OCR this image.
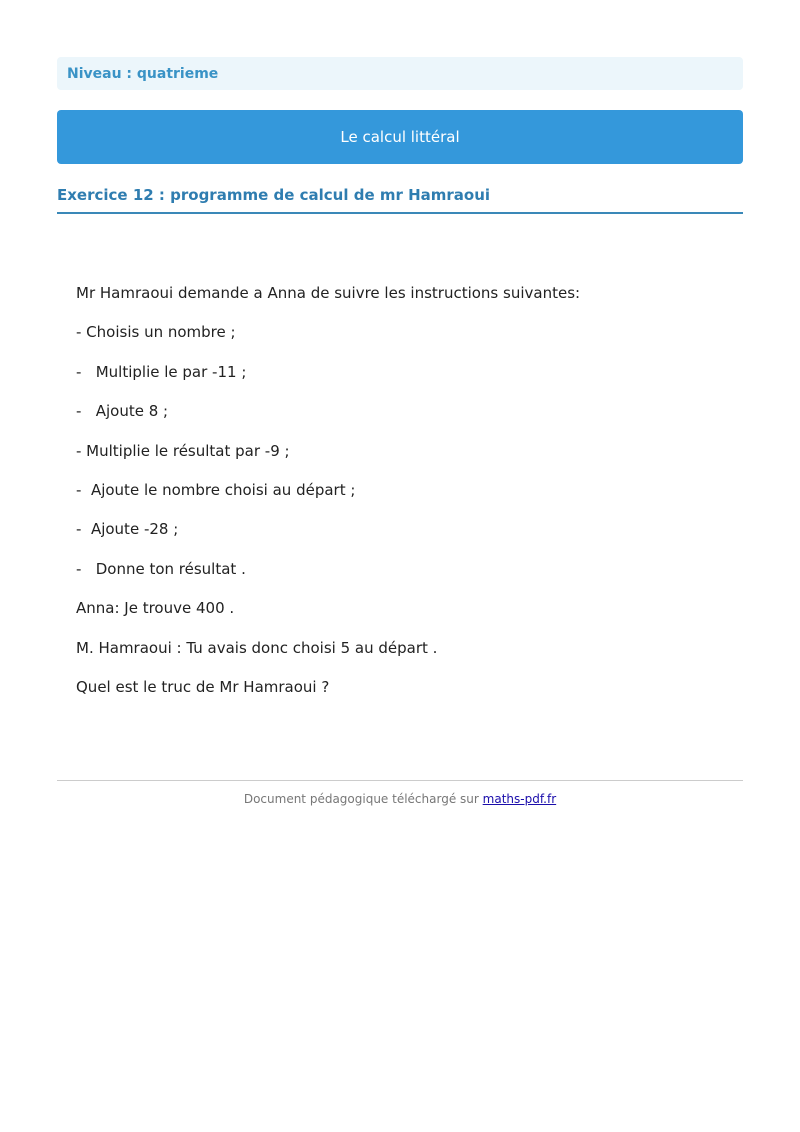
Niveau : quatrieme
Le calcul littéral
Exercice 12 : programme de calcul de mr Hamraoui

Mr Hamraoui demande a Anna de suivre les instructions suivantes:

- Choisis un nombre ;

-   Multiplie le par -11 ;

-   Ajoute 8 ;

- Multiplie le résultat par -9 ;

-  Ajoute le nombre choisi au départ ;

-  Ajoute -28 ;

-   Donne ton résultat .

Anna: Je trouve 400 .

M. Hamraoui : Tu avais donc choisi 5 au départ .

Quel est le truc de Mr Hamraoui ?

Document pédagogique téléchargé sur maths-pdf.fr
